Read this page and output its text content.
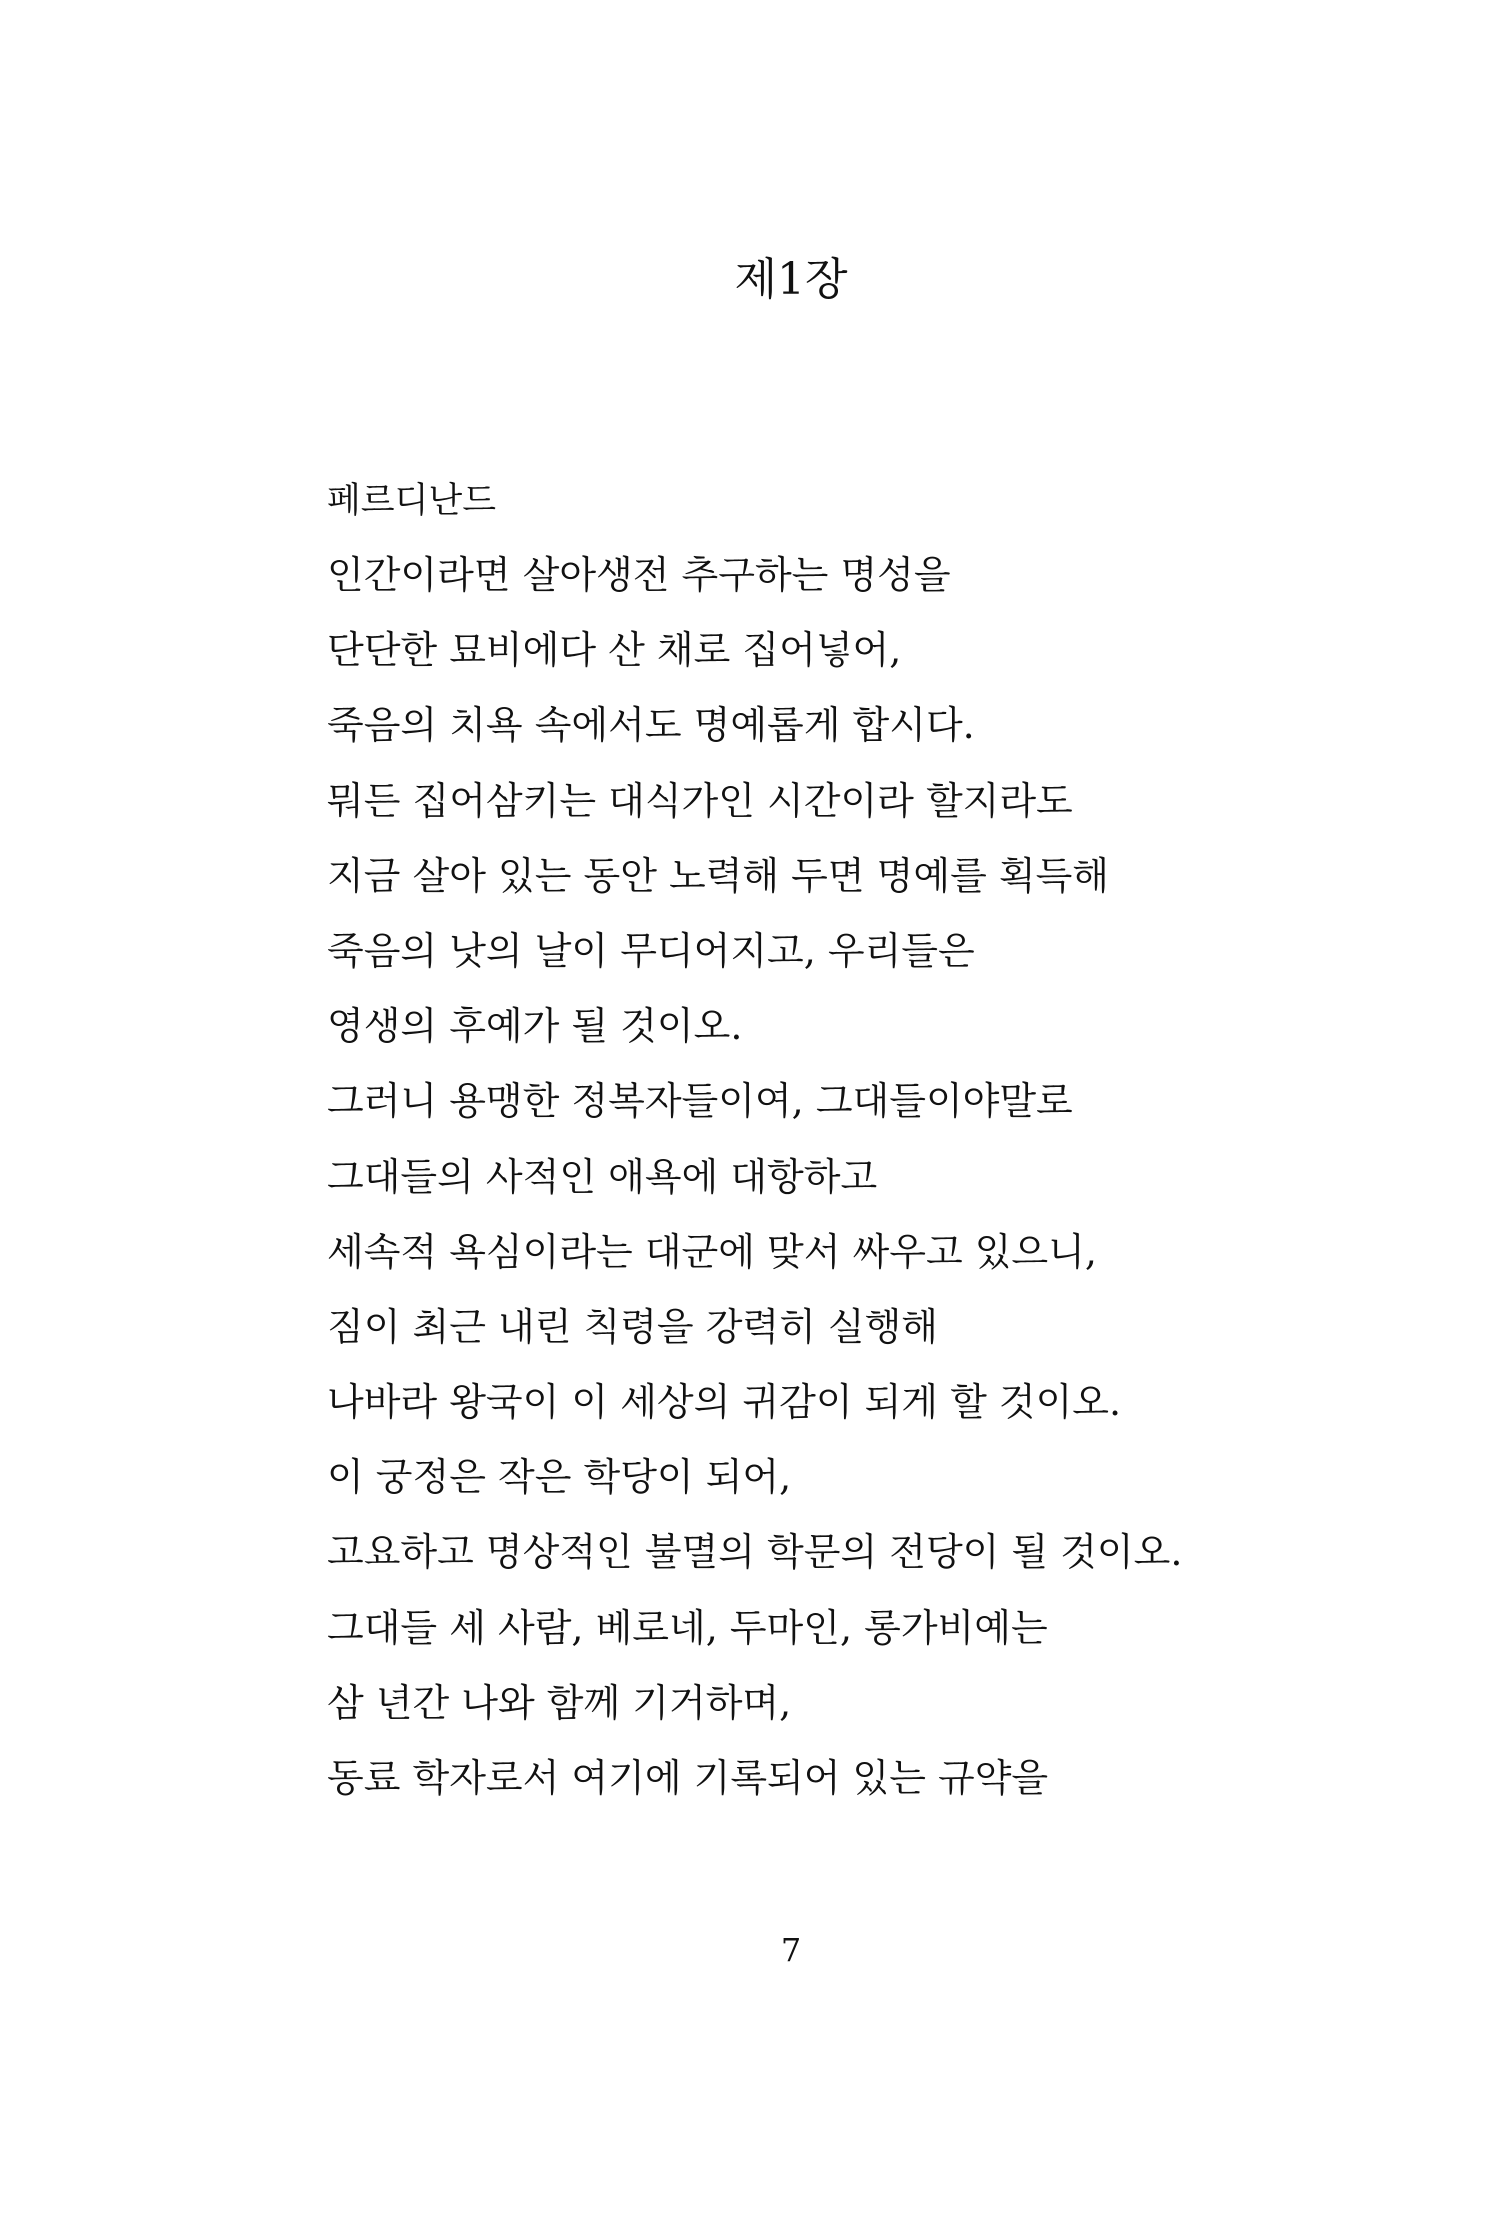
제1장
페르디난드
인간이라면 살아생전 추구하는 명성을
단단한 묘비에다 산 채로 집어넣어,
죽음의 치욕 속에서도 명예롭게 합시다.
뭐든 집어삼키는 대식가인 시간이라 할지라도
지금 살아 있는 동안 노력해 두면 명예를 획득해
죽음의 낫의 날이 무디어지고, 우리들은
영생의 후예가 될 것이오.
그러니 용맹한 정복자들이여, 그대들이야말로
그대들의 사적인 애욕에 대항하고
세속적 욕심이라는 대군에 맞서 싸우고 있으니,
짐이 최근 내린 칙령을 강력히 실행해
나바라 왕국이 이 세상의 귀감이 되게 할 것이오.
이 궁정은 작은 학당이 되어,
고요하고 명상적인 불멸의 학문의 전당이 될 것이오.
그대들 세 사람, 베로네, 두마인, 롱가비예는
삼 년간 나와 함께 기거하며,
동료 학자로서 여기에 기록되어 있는 규약을
7
